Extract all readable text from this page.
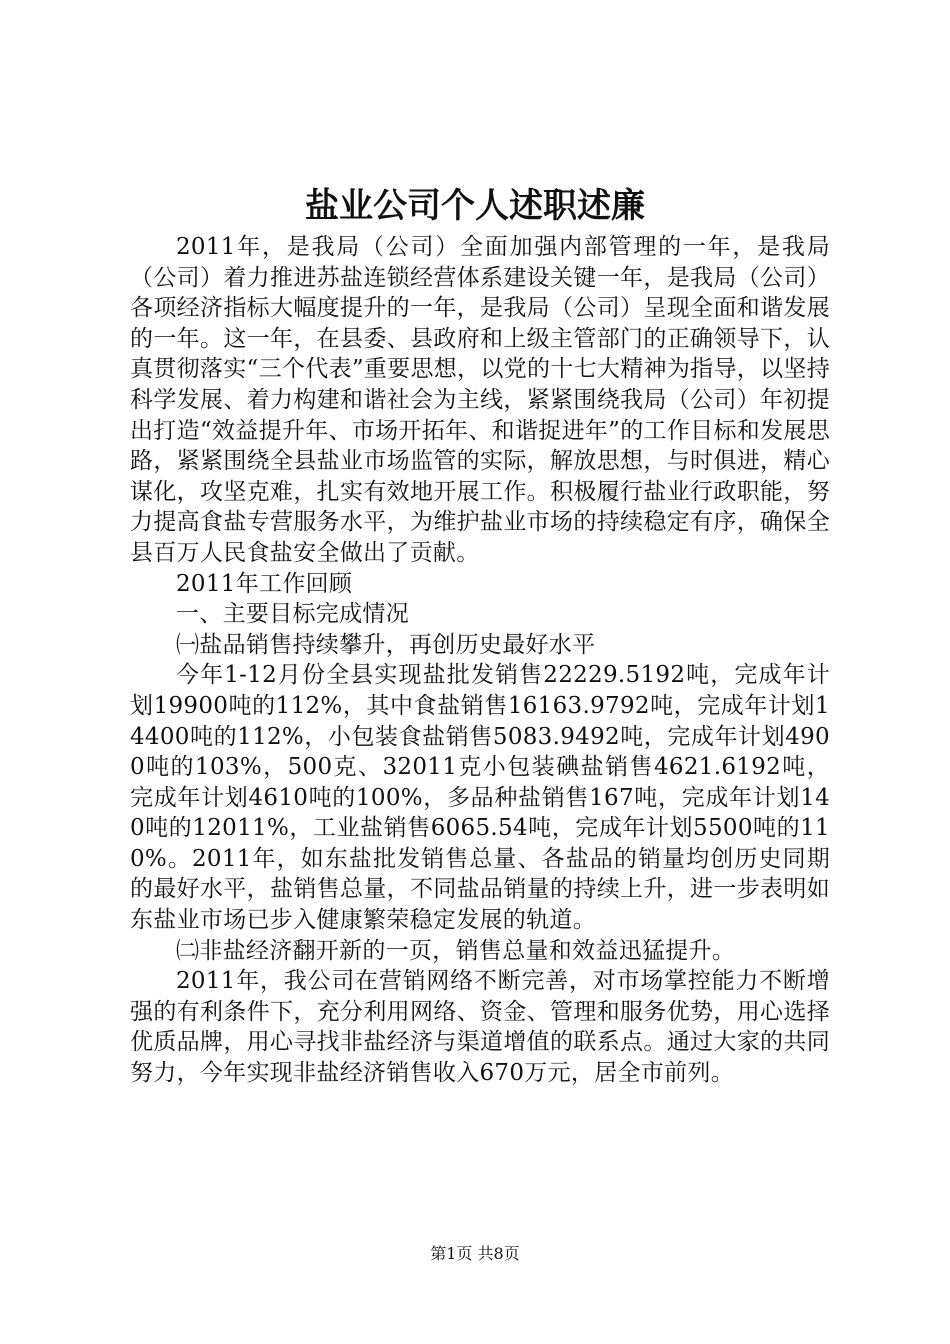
盐业公司个人述职述廉

2011年，是我局（公司）全面加强内部管理的一年，是我局（公司）着力推进苏盐连锁经营体系建设关键一年，是我局（公司）各项经济指标大幅度提升的一年，是我局（公司）呈现全面和谐发展的一年。这一年，在县委、县政府和上级主管部门的正确领导下，认真贯彻落实“三个代表”重要思想，以党的十七大精神为指导，以坚持科学发展、着力构建和谐社会为主线，紧紧围绕我局（公司）年初提出打造“效益提升年、市场开拓年、和谐捉进年”的工作目标和发展思路，紧紧围绕全县盐业市场监管的实际，解放思想，与时俱进，精心谋化，攻坚克难，扎实有效地开展工作。积极履行盐业行政职能，努力提高食盐专营服务水平，为维护盐业市场的持续稳定有序，确保全县百万人民食盐安全做出了贡献。

2011年工作回顾

一、主要目标完成情况

㈠盐品销售持续攀升，再创历史最好水平

今年1-12月份全县实现盐批发销售22229.5192吨，完成年计划19900吨的112%，其中食盐销售16163.9792吨，完成年计划14400吨的112%，小包装食盐销售5083.9492吨，完成年计划4900吨的103%，500克、32011克小包装碘盐销售4621.6192吨，完成年计划4610吨的100%，多品种盐销售167吨，完成年计划140吨的12011%，工业盐销售6065.54吨，完成年计划5500吨的110%。2011年，如东盐批发销售总量、各盐品的销量均创历史同期的最好水平，盐销售总量，不同盐品销量的持续上升，进一步表明如东盐业市场已步入健康繁荣稳定发展的轨道。

㈡非盐经济翻开新的一页，销售总量和效益迅猛提升。

2011年，我公司在营销网络不断完善，对市场掌控能力不断增强的有利条件下，充分利用网络、资金、管理和服务优势，用心选择优质品牌，用心寻找非盐经济与渠道增值的联系点。通过大家的共同努力，今年实现非盐经济销售收入670万元，居全市前列。

第1页 共8页
